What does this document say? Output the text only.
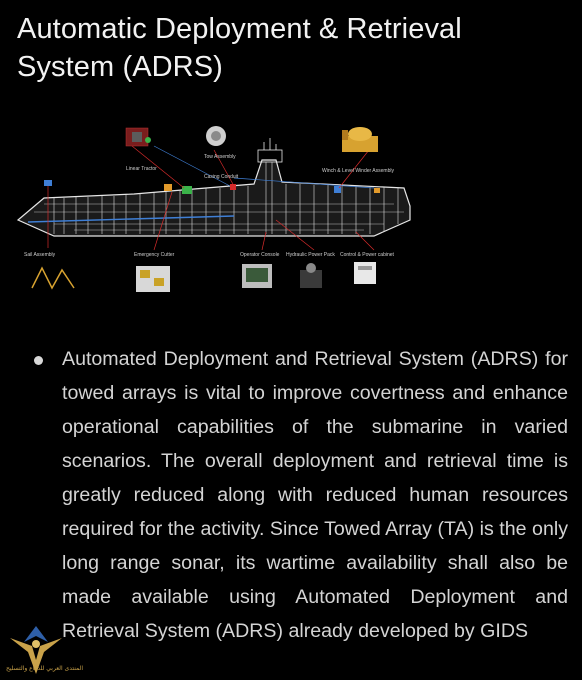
Automatic Deployment & Retrieval System (ADRS)
Linear Tractor
Tow Assembly
Winch & Level Winder Assembly
Casing Conduit
Sail Assembly	Emergency Cutter	Operator Console Hydraulic Power Pack Control & Power cabinet

Automated Deployment and Retrieval System (ADRS) for towed arrays is vital to improve covertness and enhance operational capabilities of the submarine in varied scenarios. The overall deployment and retrieval time is greatly reduced along with reduced human resources required for the activity. Since Towed Array (TA) is the only long range sonar, its wartime availability shall also be made available using Automated Deployment and Retrieval System (ADRS) already developed by GIDS

المنتدى العربي للدفاع والتسليح
